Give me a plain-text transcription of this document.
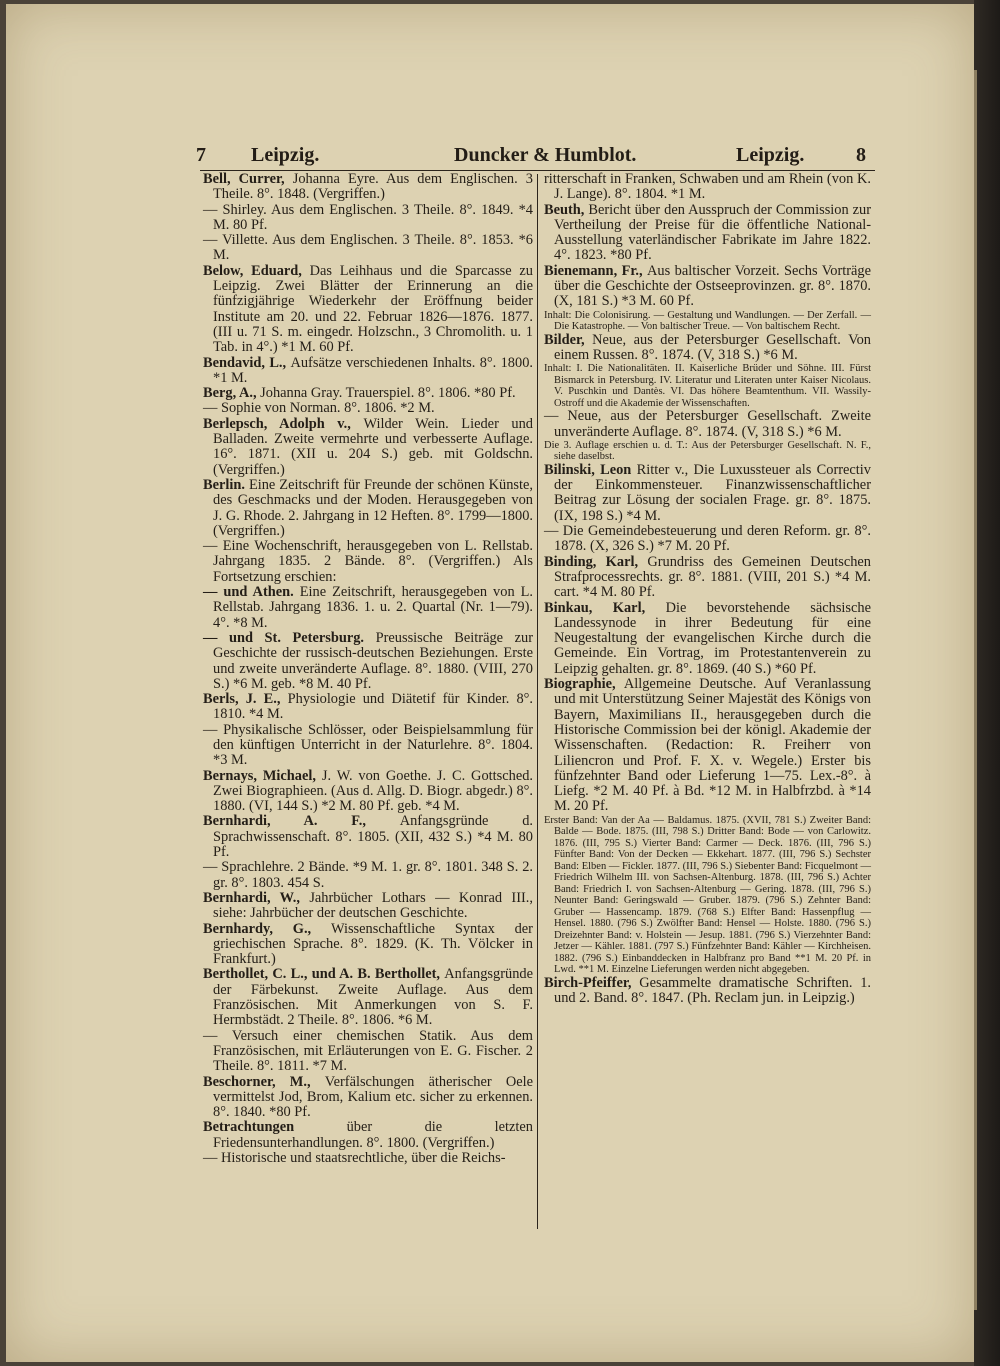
7 Leipzig.	Duncker & Humblot.	Leipzig.	8

Bell, Currer, Johanna Eyre. Aus dem Englischen. 3 Theile. 8°. 1848. (Vergriffen.)

— Shirley. Aus dem Englischen. 3 Theile. 8°. 1849. *4 M. 80 Pf.

— Villette. Aus dem Englischen. 3 Theile. 8°. 1853. *6 M.

Below, Eduard, Das Leihhaus und die Sparcasse zu Leipzig. Zwei Blätter der Erinnerung an die fünfzigjährige Wiederkehr der Eröffnung beider Institute am 20. und 22. Februar 1826—1876. 1877. (III u. 71 S. m. eingedr. Holzschn., 3 Chromolith. u. 1 Tab. in 4°.) *1 M. 60 Pf.

Bendavid, L., Aufsätze verschiedenen Inhalts. 8°. 1800. *1 M.

Berg, A., Johanna Gray. Trauerspiel. 8°. 1806. *80 Pf.

— Sophie von Norman. 8°. 1806. *2 M.

Berlepsch, Adolph v., Wilder Wein. Lieder und Balladen. Zweite vermehrte und verbesserte Auflage. 16°. 1871. (XII u. 204 S.) geb. mit Goldschn. (Vergriffen.)

Berlin. Eine Zeitschrift für Freunde der schönen Künste, des Geschmacks und der Moden. Herausgegeben von J. G. Rhode. 2. Jahrgang in 12 Heften. 8°. 1799—1800. (Vergriffen.)

— Eine Wochenschrift, herausgegeben von L. Rellstab. Jahrgang 1835. 2 Bände. 8°. (Vergriffen.) Als Fortsetzung erschien:

— und Athen. Eine Zeitschrift, herausgegeben von L. Rellstab. Jahrgang 1836. 1. u. 2. Quartal (Nr. 1—79). 4°. *8 M.

— und St. Petersburg. Preussische Beiträge zur Geschichte der russisch-deutschen Beziehungen. Erste und zweite unveränderte Auflage. 8°. 1880. (VIII, 270 S.) *6 M. geb. *8 M. 40 Pf.

Berls, J. E., Physiologie und Diätetif für Kinder. 8°. 1810. *4 M.

— Physikalische Schlösser, oder Beispielsammlung für den künftigen Unterricht in der Naturlehre. 8°. 1804. *3 M.

Bernays, Michael, J. W. von Goethe. J. C. Gottsched. Zwei Biographieen. (Aus d. Allg. D. Biogr. abgedr.) 8°. 1880. (VI, 144 S.) *2 M. 80 Pf. geb. *4 M.

Bernhardi, A. F., Anfangsgründe d. Sprachwissenschaft. 8°. 1805. (XII, 432 S.) *4 M. 80 Pf.

— Sprachlehre. 2 Bände. *9 M. 1. gr. 8°. 1801. 348 S. 2. gr. 8°. 1803. 454 S.

Bernhardi, W., Jahrbücher Lothars — Konrad III., siehe: Jahrbücher der deutschen Geschichte.

Bernhardy, G., Wissenschaftliche Syntax der griechischen Sprache. 8°. 1829. (K. Th. Völcker in Frankfurt.)

Berthollet, C. L., und A. B. Berthollet, Anfangsgründe der Färbekunst. Zweite Auflage. Aus dem Französischen. Mit Anmerkungen von S. F. Hermbstädt. 2 Theile. 8°. 1806. *6 M.

— Versuch einer chemischen Statik. Aus dem Französischen, mit Erläuterungen von E. G. Fischer. 2 Theile. 8°. 1811. *7 M.

Beschorner, M., Verfälschungen ätherischer Oele vermittelst Jod, Brom, Kalium etc. sicher zu erkennen. 8°. 1840. *80 Pf.

Betrachtungen über die letzten Friedensunterhandlungen. 8°. 1800. (Vergriffen.)

— Historische und staatsrechtliche, über die Reichs-

ritterschaft in Franken, Schwaben und am Rhein (von K. J. Lange). 8°. 1804. *1 M.

Beuth, Bericht über den Ausspruch der Commission zur Vertheilung der Preise für die öffentliche National-Ausstellung vaterländischer Fabrikate im Jahre 1822. 4°. 1823. *80 Pf.

Bienemann, Fr., Aus baltischer Vorzeit. Sechs Vorträge über die Geschichte der Ostseeprovinzen. gr. 8°. 1870. (X, 181 S.) *3 M. 60 Pf.

Inhalt: Die Colonisirung. — Gestaltung und Wandlungen. — Der Zerfall. — Die Katastrophe. — Von baltischer Treue. — Von baltischem Recht.

Bilder, Neue, aus der Petersburger Gesellschaft. Von einem Russen. 8°. 1874. (V, 318 S.) *6 M.

Inhalt: I. Die Nationalitäten. II. Kaiserliche Brüder und Söhne. III. Fürst Bismarck in Petersburg. IV. Literatur und Literaten unter Kaiser Nicolaus. V. Puschkin und Dantès. VI. Das höhere Beamtenthum. VII. Wassily-Ostroff und die Akademie der Wissenschaften.

— Neue, aus der Petersburger Gesellschaft. Zweite unveränderte Auflage. 8°. 1874. (V, 318 S.) *6 M.

Die 3. Auflage erschien u. d. T.: Aus der Petersburger Gesellschaft. N. F., siehe daselbst.

Bilinski, Leon Ritter v., Die Luxussteuer als Correctiv der Einkommensteuer. Finanzwissenschaftlicher Beitrag zur Lösung der socialen Frage. gr. 8°. 1875. (IX, 198 S.) *4 M.

— Die Gemeindebesteuerung und deren Reform. gr. 8°. 1878. (X, 326 S.) *7 M. 20 Pf.

Binding, Karl, Grundriss des Gemeinen Deutschen Strafprocessrechts. gr. 8°. 1881. (VIII, 201 S.) *4 M. cart. *4 M. 80 Pf.

Binkau, Karl, Die bevorstehende sächsische Landessynode in ihrer Bedeutung für eine Neugestaltung der evangelischen Kirche durch die Gemeinde. Ein Vortrag, im Protestantenverein zu Leipzig gehalten. gr. 8°. 1869. (40 S.) *60 Pf.

Biographie, Allgemeine Deutsche. Auf Veranlassung und mit Unterstützung Seiner Majestät des Königs von Bayern, Maximilians II., herausgegeben durch die Historische Commission bei der königl. Akademie der Wissenschaften. (Redaction: R. Freiherr von Liliencron und Prof. F. X. v. Wegele.) Erster bis fünfzehnter Band oder Lieferung 1—75. Lex.-8°. à Liefg. *2 M. 40 Pf. à Bd. *12 M. in Halbfrzbd. à *14 M. 20 Pf.

Erster Band: Van der Aa — Baldamus. 1875. (XVII, 781 S.) Zweiter Band: Balde — Bode. 1875. (III, 798 S.) Dritter Band: Bode — von Carlowitz. 1876. (III, 795 S.) Vierter Band: Carmer — Deck. 1876. (III, 796 S.) Fünfter Band: Von der Decken — Ekkehart. 1877. (III, 796 S.) Sechster Band: Elben — Fickler. 1877. (III, 796 S.) Siebenter Band: Ficquelmont — Friedrich Wilhelm III. von Sachsen-Altenburg. 1878. (III, 796 S.) Achter Band: Friedrich I. von Sachsen-Altenburg — Gering. 1878. (III, 796 S.) Neunter Band: Geringswald — Gruber. 1879. (796 S.) Zehnter Band: Gruber — Hassencamp. 1879. (768 S.) Elfter Band: Hassenpflug — Hensel. 1880. (796 S.) Zwölfter Band: Hensel — Holste. 1880. (796 S.) Dreizehnter Band: v. Holstein — Jesup. 1881. (796 S.) Vierzehnter Band: Jetzer — Kähler. 1881. (797 S.) Fünfzehnter Band: Kähler — Kirchheisen. 1882. (796 S.) Einbanddecken in Halbfranz pro Band **1 M. 20 Pf. in Lwd. **1 M. Einzelne Lieferungen werden nicht abgegeben.

Birch-Pfeiffer, Gesammelte dramatische Schriften. 1. und 2. Band. 8°. 1847. (Ph. Reclam jun. in Leipzig.)
